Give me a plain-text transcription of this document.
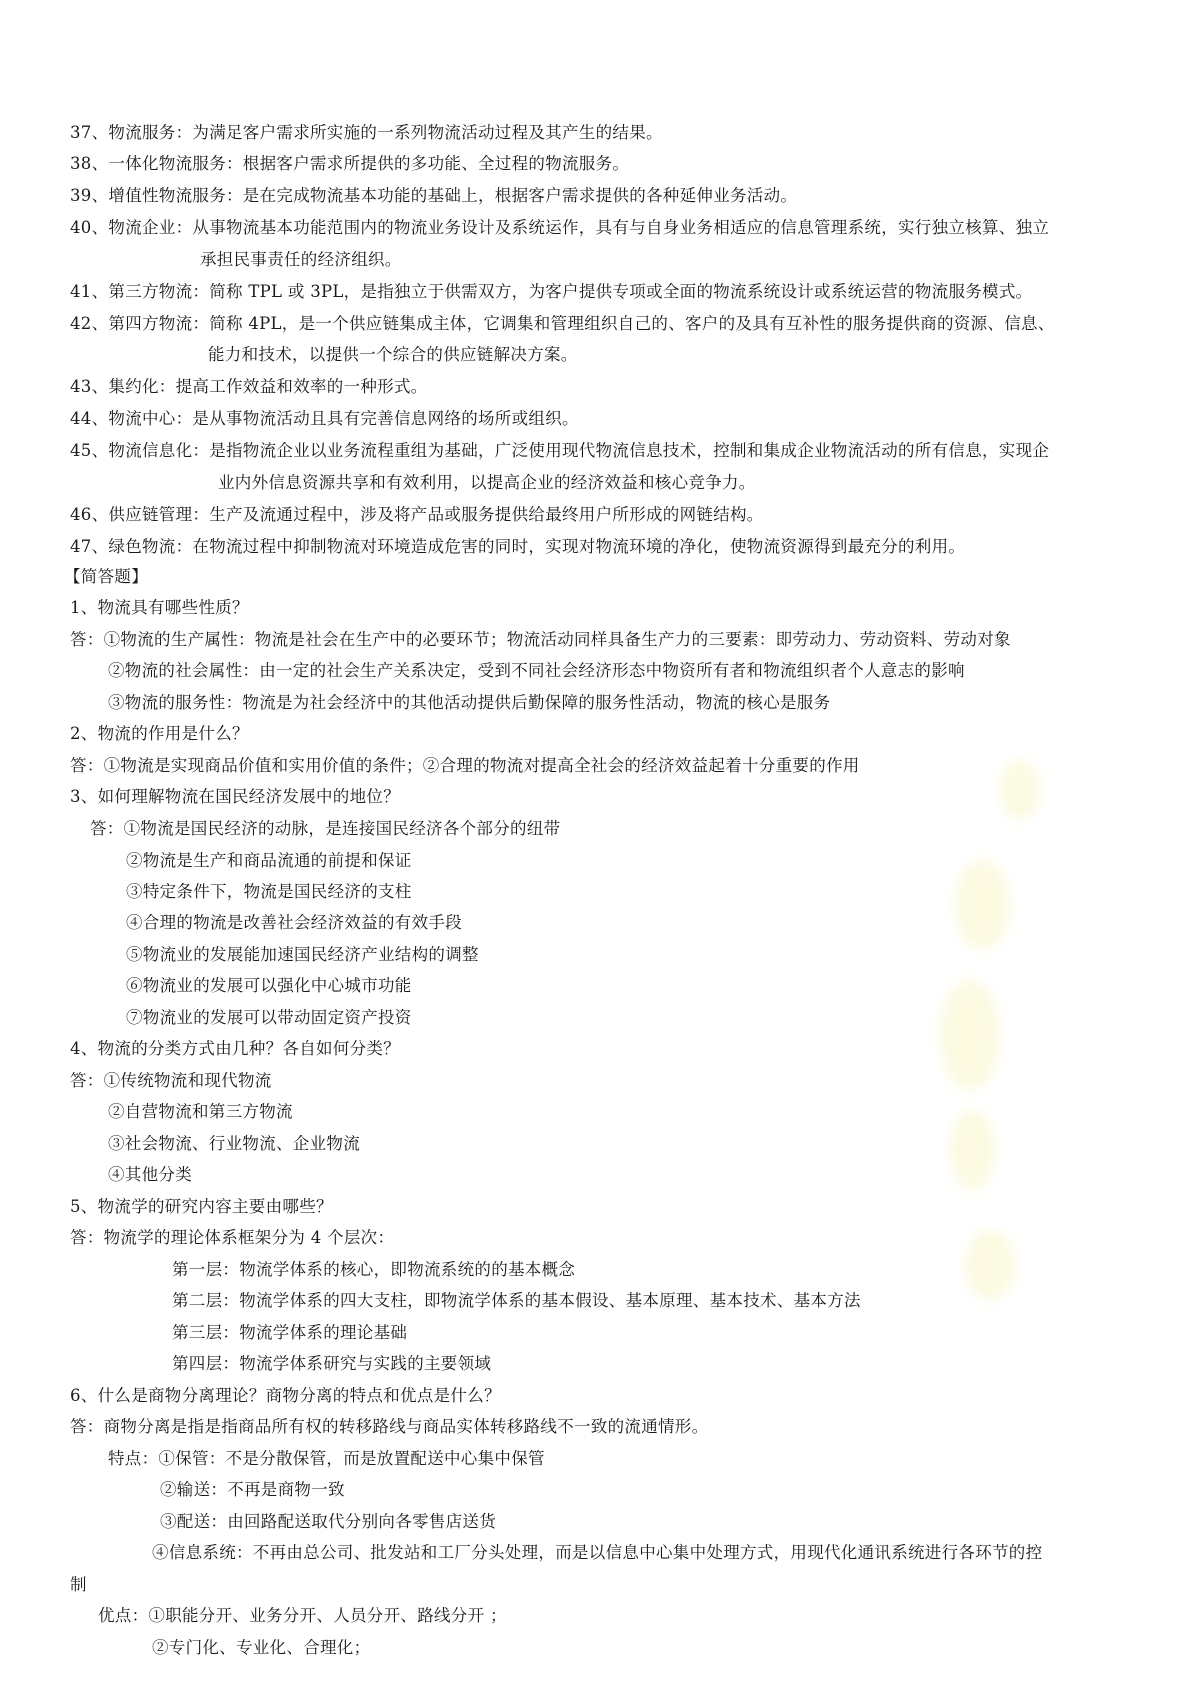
37、物流服务：为满足客户需求所实施的一系列物流活动过程及其产生的结果。
38、一体化物流服务：根据客户需求所提供的多功能、全过程的物流服务。
39、增值性物流服务：是在完成物流基本功能的基础上，根据客户需求提供的各种延伸业务活动。
40、物流企业：从事物流基本功能范围内的物流业务设计及系统运作，具有与自身业务相适应的信息管理系统，实行独立核算、独立
承担民事责任的经济组织。
41、第三方物流：简称 TPL 或 3PL，是指独立于供需双方，为客户提供专项或全面的物流系统设计或系统运营的物流服务模式。
42、第四方物流：简称 4PL，是一个供应链集成主体，它调集和管理组织自己的、客户的及具有互补性的服务提供商的资源、信息、
能力和技术，以提供一个综合的供应链解决方案。
43、集约化：提高工作效益和效率的一种形式。
44、物流中心：是从事物流活动且具有完善信息网络的场所或组织。
45、物流信息化：是指物流企业以业务流程重组为基础，广泛使用现代物流信息技术，控制和集成企业物流活动的所有信息，实现企
业内外信息资源共享和有效利用，以提高企业的经济效益和核心竞争力。
46、供应链管理：生产及流通过程中，涉及将产品或服务提供给最终用户所形成的网链结构。
47、绿色物流：在物流过程中抑制物流对环境造成危害的同时，实现对物流环境的净化，使物流资源得到最充分的利用。
【简答题】
1、物流具有哪些性质？
答：①物流的生产属性：物流是社会在生产中的必要环节；物流活动同样具备生产力的三要素：即劳动力、劳动资料、劳动对象
②物流的社会属性：由一定的社会生产关系决定，受到不同社会经济形态中物资所有者和物流组织者个人意志的影响
③物流的服务性：物流是为社会经济中的其他活动提供后勤保障的服务性活动，物流的核心是服务
2、物流的作用是什么？
答：①物流是实现商品价值和实用价值的条件；②合理的物流对提高全社会的经济效益起着十分重要的作用
3、如何理解物流在国民经济发展中的地位？
答：①物流是国民经济的动脉，是连接国民经济各个部分的纽带
②物流是生产和商品流通的前提和保证
③特定条件下，物流是国民经济的支柱
④合理的物流是改善社会经济效益的有效手段
⑤物流业的发展能加速国民经济产业结构的调整
⑥物流业的发展可以强化中心城市功能
⑦物流业的发展可以带动固定资产投资
4、物流的分类方式由几种？各自如何分类？
答：①传统物流和现代物流
②自营物流和第三方物流
③社会物流、行业物流、企业物流
④其他分类
5、物流学的研究内容主要由哪些？
答：物流学的理论体系框架分为 4 个层次：
第一层：物流学体系的核心，即物流系统的的基本概念
第二层：物流学体系的四大支柱，即物流学体系的基本假设、基本原理、基本技术、基本方法
第三层：物流学体系的理论基础
第四层：物流学体系研究与实践的主要领域
6、什么是商物分离理论？商物分离的特点和优点是什么？
答：商物分离是指是指商品所有权的转移路线与商品实体转移路线不一致的流通情形。
特点：①保管：不是分散保管，而是放置配送中心集中保管
②输送：不再是商物一致
③配送：由回路配送取代分别向各零售店送货
④信息系统：不再由总公司、批发站和工厂分头处理，而是以信息中心集中处理方式，用现代化通讯系统进行各环节的控
制
优点：①职能分开、业务分开、人员分开、路线分开 ；
②专门化、专业化、合理化；
